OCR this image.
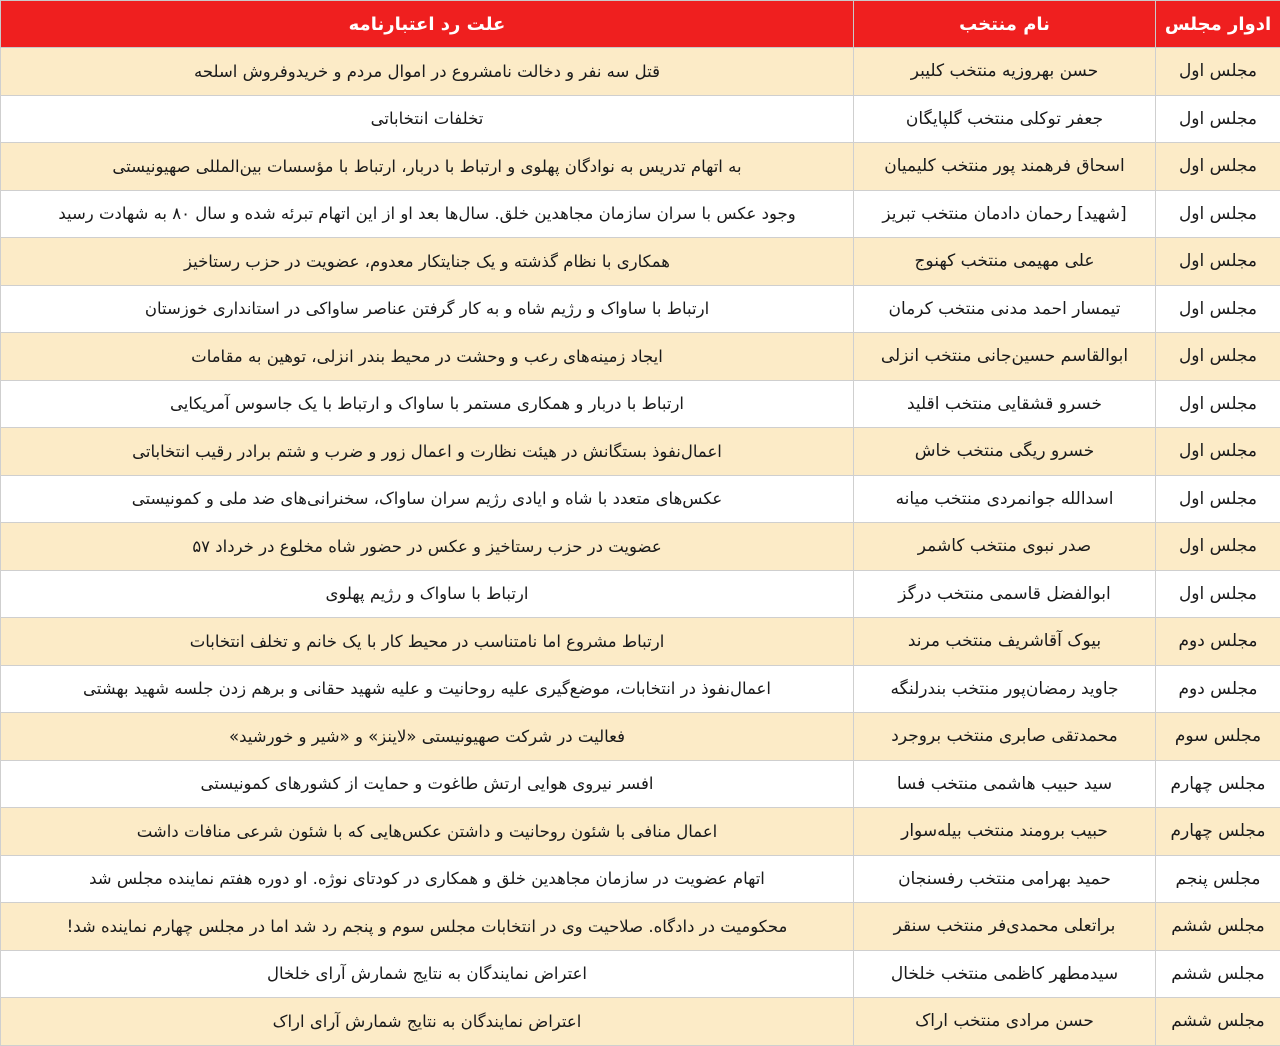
ادوار مجلس	نام منتخب	علت رد اعتبارنامه
مجلس اول	حسن بهروزیه منتخب کلیبر	قتل سه نفر و دخالت نامشروع در اموال مردم و خریدوفروش اسلحه
مجلس اول	جعفر توکلی منتخب گلپایگان	تخلفات انتخاباتی
مجلس اول	اسحاق فرهمند پور منتخب کلیمیان	به اتهام تدریس به نوادگان پهلوی و ارتباط با دربار، ارتباط با مؤسسات بین‌المللی صهیونیستی
مجلس اول	[شهید] رحمان دادمان منتخب تبریز	وجود عکس با سران سازمان مجاهدین خلق. سال‌ها بعد او از این اتهام تبرئه شده و سال ۸۰ به شهادت رسید
مجلس اول	علی مهیمی منتخب کهنوج	همکاری با نظام گذشته و یک جنایتکار معدوم، عضویت در حزب رستاخیز
مجلس اول	تیمسار احمد مدنی منتخب کرمان	ارتباط با ساواک و رژیم شاه و به کار گرفتن عناصر ساواکی در استانداری خوزستان
مجلس اول	ابوالقاسم حسین‌جانی منتخب انزلی	ایجاد زمینه‌های رعب و وحشت در محیط بندر انزلی، توهین به مقامات
مجلس اول	خسرو قشقایی منتخب اقلید	ارتباط با دربار و همکاری مستمر با ساواک و ارتباط با یک جاسوس آمریکایی
مجلس اول	خسرو ریگی منتخب خاش	اعمال‌نفوذ بستگانش در هیئت نظارت و اعمال زور و ضرب و شتم برادر رقیب انتخاباتی
مجلس اول	اسدالله جوانمردی منتخب میانه	عکس‌های متعدد با شاه و ایادی رژیم سران ساواک، سخنرانی‌های ضد ملی و کمونیستی
مجلس اول	صدر نبوی منتخب کاشمر	عضویت در حزب رستاخیز و عکس در حضور شاه مخلوع در خرداد ۵۷
مجلس اول	ابوالفضل قاسمی منتخب درگز	ارتباط با ساواک و رژیم پهلوی
مجلس دوم	بیوک آقاشریف منتخب مرند	ارتباط مشروع اما نامتناسب در محیط کار با یک خانم و تخلف انتخابات
مجلس دوم	جاوید رمضان‌پور منتخب بندرلنگه	اعمال‌نفوذ در انتخابات، موضع‌گیری علیه روحانیت و علیه شهید حقانی و برهم زدن جلسه شهید بهشتی
مجلس سوم	محمدتقی صابری منتخب بروجرد	فعالیت در شرکت صهیونیستی «لاینز» و «شیر و خورشید»
مجلس چهارم	سید حبیب هاشمی منتخب فسا	افسر نیروی هوایی ارتش طاغوت و حمایت از کشورهای کمونیستی
مجلس چهارم	حبیب برومند منتخب بیله‌سوار	اعمال منافی با شئون روحانیت و داشتن عکس‌هایی که با شئون شرعی منافات داشت
مجلس پنجم	حمید بهرامی منتخب رفسنجان	اتهام عضویت در سازمان مجاهدین خلق و همکاری در کودتای نوژه. او دوره هفتم نماینده مجلس شد
مجلس ششم	براتعلی محمدی‌فر منتخب سنقر	محکومیت در دادگاه. صلاحیت وی در انتخابات مجلس سوم و پنجم رد شد اما در مجلس چهارم نماینده شد!
مجلس ششم	سیدمطهر کاظمی منتخب خلخال	اعتراض نمایندگان به نتایج شمارش آرای خلخال
مجلس ششم	حسن مرادی منتخب اراک	اعتراض نمایندگان به نتایج شمارش آرای اراک
